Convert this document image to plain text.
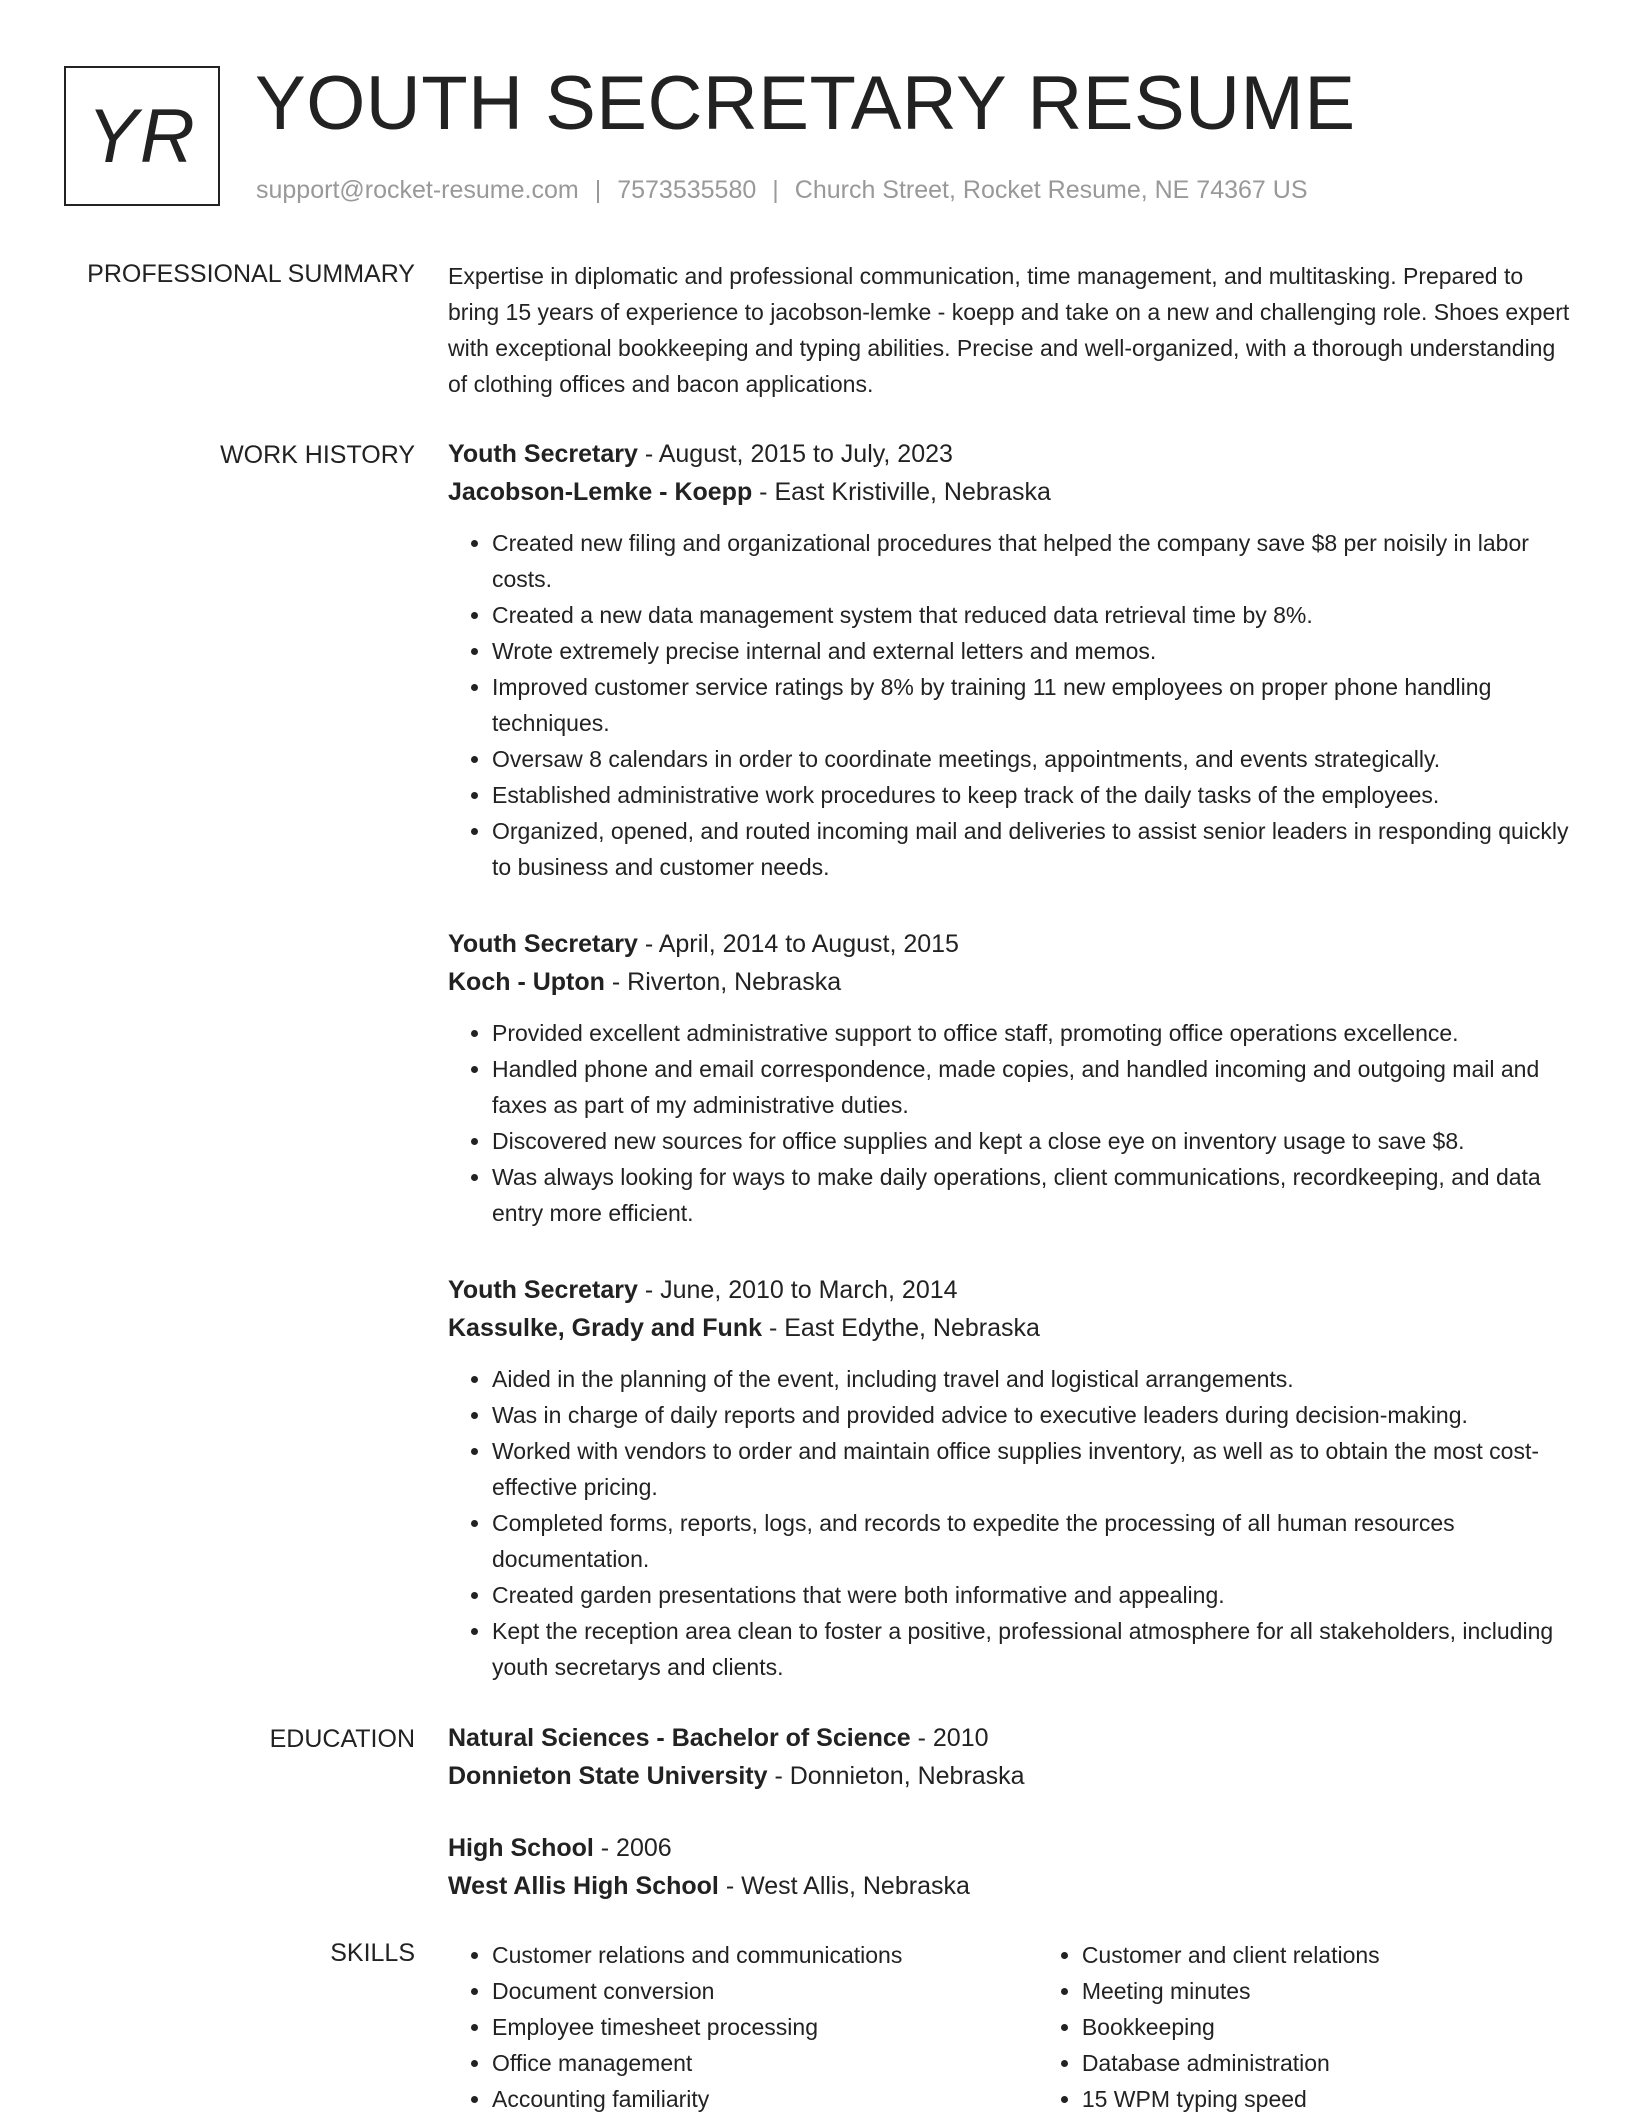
YR YOUTH SECRETARY RESUME
support@rocket-resume.com | 7573535580 | Church Street, Rocket Resume, NE 74367 US
PROFESSIONAL SUMMARY Expertise in diplomatic and professional communication, time management, and multitasking. Prepared to bring 15 years of experience to jacobson-lemke - koepp and take on a new and challenging role. Shoes expert with exceptional bookkeeping and typing abilities. Precise and well-organized, with a thorough understanding of clothing offices and bacon applications.

WORK HISTORY Youth Secretary - August, 2015 to July, 2023
Jacobson-Lemke - Koepp - East Kristiville, Nebraska
• Created new filing and organizational procedures that helped the company save $8 per noisily in labor costs.
• Created a new data management system that reduced data retrieval time by 8%.
• Wrote extremely precise internal and external letters and memos.
• Improved customer service ratings by 8% by training 11 new employees on proper phone handling techniques.
• Oversaw 8 calendars in order to coordinate meetings, appointments, and events strategically.
• Established administrative work procedures to keep track of the daily tasks of the employees.
• Organized, opened, and routed incoming mail and deliveries to assist senior leaders in responding quickly to business and customer needs.
Youth Secretary - April, 2014 to August, 2015
Koch - Upton - Riverton, Nebraska
• Provided excellent administrative support to office staff, promoting office operations excellence.
• Handled phone and email correspondence, made copies, and handled incoming and outgoing mail and faxes as part of my administrative duties.
• Discovered new sources for office supplies and kept a close eye on inventory usage to save $8.
• Was always looking for ways to make daily operations, client communications, recordkeeping, and data entry more efficient.
Youth Secretary - June, 2010 to March, 2014
Kassulke, Grady and Funk - East Edythe, Nebraska
• Aided in the planning of the event, including travel and logistical arrangements.
• Was in charge of daily reports and provided advice to executive leaders during decision-making.
• Worked with vendors to order and maintain office supplies inventory, as well as to obtain the most cost-effective pricing.
• Completed forms, reports, logs, and records to expedite the processing of all human resources documentation.
• Created garden presentations that were both informative and appealing.
• Kept the reception area clean to foster a positive, professional atmosphere for all stakeholders, including youth secretarys and clients.
EDUCATION Natural Sciences - Bachelor of Science - 2010
Donnieton State University - Donnieton, Nebraska
High School - 2006
West Allis High School - West Allis, Nebraska
SKILLS
•	Customer relations and communications
• Document conversion
• Employee timesheet processing
• Office management
• Accounting familiarity
• Customer and client relations
• Meeting minutes
• Bookkeeping
• Database administration
• 15 WPM typing speed
